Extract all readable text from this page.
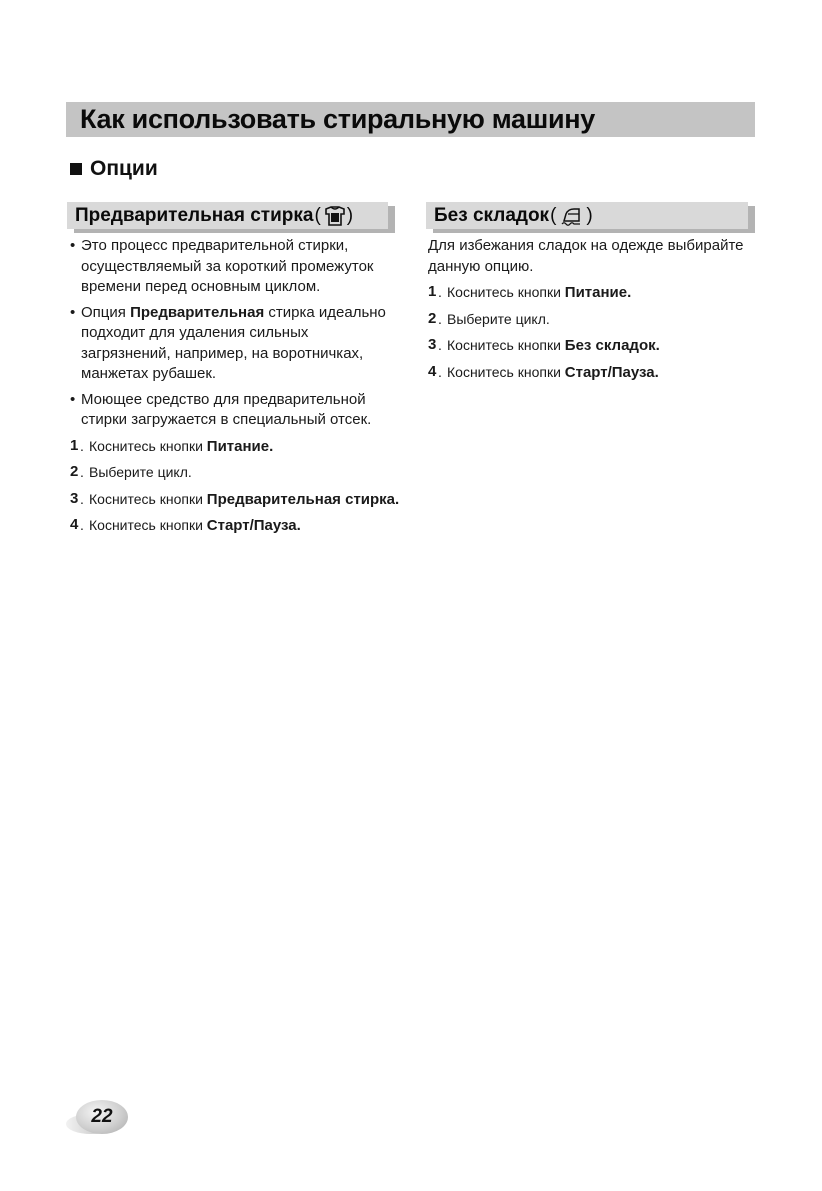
Как использовать стиральную машину
Опции
Предварительная стирка ( )	Без складок ( )
• Это процесс предварительной стирки, осуществляемый за короткий промежуток времени перед основным циклом.
• Опция Предварительная стирка идеально подходит для удаления сильных загрязнений, например, на воротничках, манжетах рубашек.
• Моющее средство для предварительной стирки загружается в специальный отсек.
1 . Коснитесь кнопки Питание.
2 . Выберите цикл.
3 . Коснитесь кнопки Предварительная стирка.
4 . Коснитесь кнопки Старт/Пауза.
Для избежания сладок на одежде выбирайте данную опцию.
1 . Коснитесь кнопки Питание.
2 . Выберите цикл.
3 . Коснитесь кнопки Без складок.
4 . Коснитесь кнопки Старт/Пауза.
22
